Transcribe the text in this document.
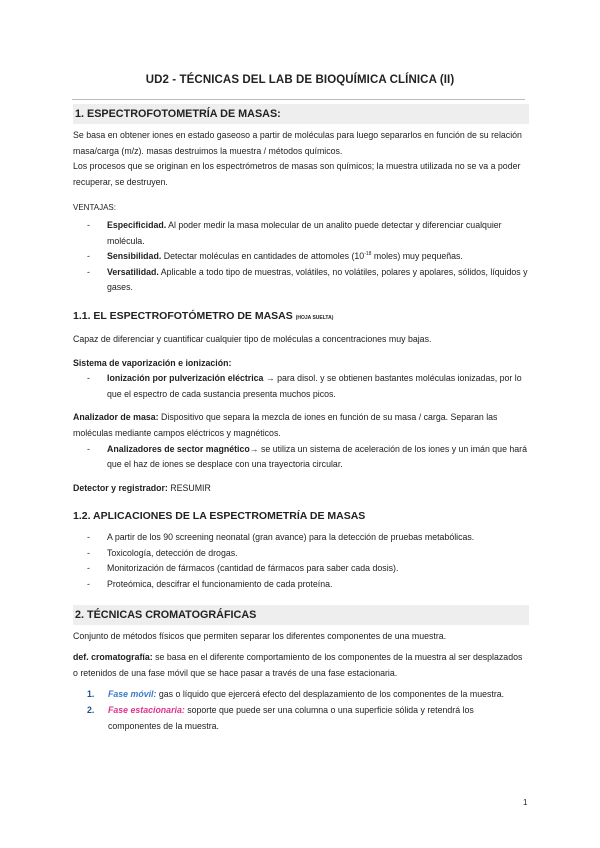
UD2 - TÉCNICAS DEL LAB DE BIOQUÍMICA CLÍNICA (II)
1. ESPECTROFOTOMETRÍA DE MASAS:

Se basa en obtener iones en estado gaseoso a partir de moléculas para luego separarlos en función de su relación masa/carga (m/z). masas destruimos la muestra / métodos químicos.

Los procesos que se originan en los espectrómetros de masas son químicos; la muestra utilizada no se va a poder recuperar, se destruyen.

VENTAJAS:
- Especificidad. Al poder medir la masa molecular de un analito puede detectar y diferenciar cualquier molécula.
- Sensibilidad. Detectar moléculas en cantidades de attomoles ($10^{-18}$ moles) muy pequeñas.
- Versatilidad. Aplicable a todo tipo de muestras, volátiles, no volátiles, polares y apolares, sólidos, líquidos y gases.
1.1. EL ESPECTROFOTÓMETRO DE MASAS (HOJA SUELTA)

Capaz de diferenciar y cuantificar cualquier tipo de moléculas a concentraciones muy bajas.

Sistema de vaporización e ionización:

- Ionización por pulverización eléctrica → para disol. y se obtienen bastantes moléculas ionizadas, por lo que el espectro de cada sustancia presenta muchos picos.

Analizador de masa: Dispositivo que separa la mezcla de iones en función de su masa / carga. Separan las moléculas mediante campos eléctricos y magnéticos.

- Analizadores de sector magnético→ se utiliza un sistema de aceleración de los iones y un imán que hará que el haz de iones se desplace con una trayectoria circular.

Detector y registrador: RESUMIR

1.2. APLICACIONES DE LA ESPECTROMETRÍA DE MASAS
- A partir de los 90 screening neonatal (gran avance) para la detección de pruebas metabólicas.
- Toxicología, detección de drogas.
- Monitorización de fármacos (cantidad de fármacos para saber cada dosis).
- Proteómica, descifrar el funcionamiento de cada proteína.
2. TÉCNICAS CROMATOGRÁFICAS

Conjunto de métodos físicos que permiten separar los diferentes componentes de una muestra.

def. cromatografía: se basa en el diferente comportamiento de los componentes de la muestra al ser desplazados o retenidos de una fase móvil que se hace pasar a través de una fase estacionaria.

1. Fase móvil: gas o líquido que ejercerá efecto del desplazamiento de los componentes de la muestra.
2. Fase estacionaria: soporte que puede ser una columna o una superficie sólida y retendrá los componentes de la muestra.
1
